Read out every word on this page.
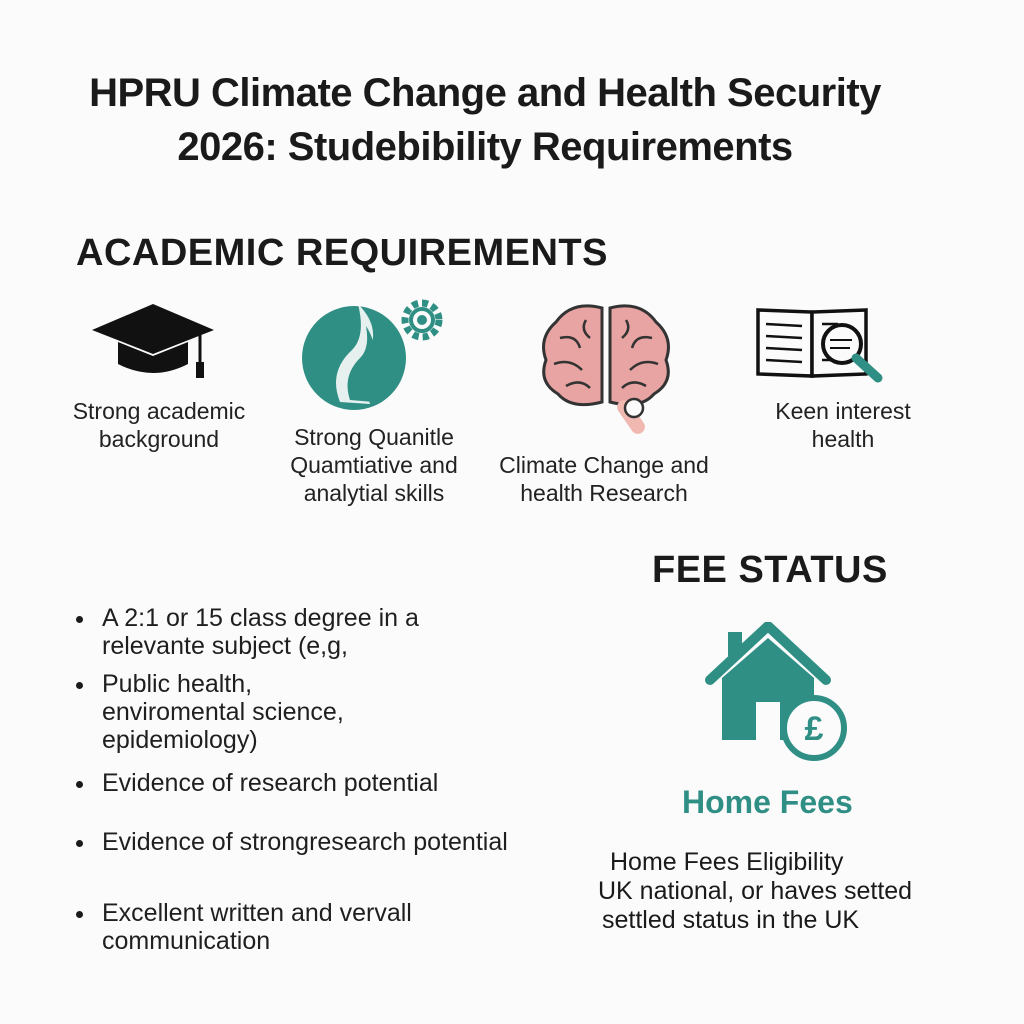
HPRU Climate Change and Health Security
2026: Studebibility Requirements
ACADEMIC REQUIREMENTS
Strong academic
background	Strong Quanitle
Quamtiative and
analytial skills
Climate Change and
health Research
Keen interest
health
A 2:1 or 15 class degree in a
relevante subject (e,g,
Public health,
enviromental science,
epidemiology)
Evidence of research potential
Evidence of strongresearch potential
Excellent written and vervall
communication
FEE STATUS
£
Home Fees
Home Fees Eligibility
UK national, or haves setted
settled status in the UK
